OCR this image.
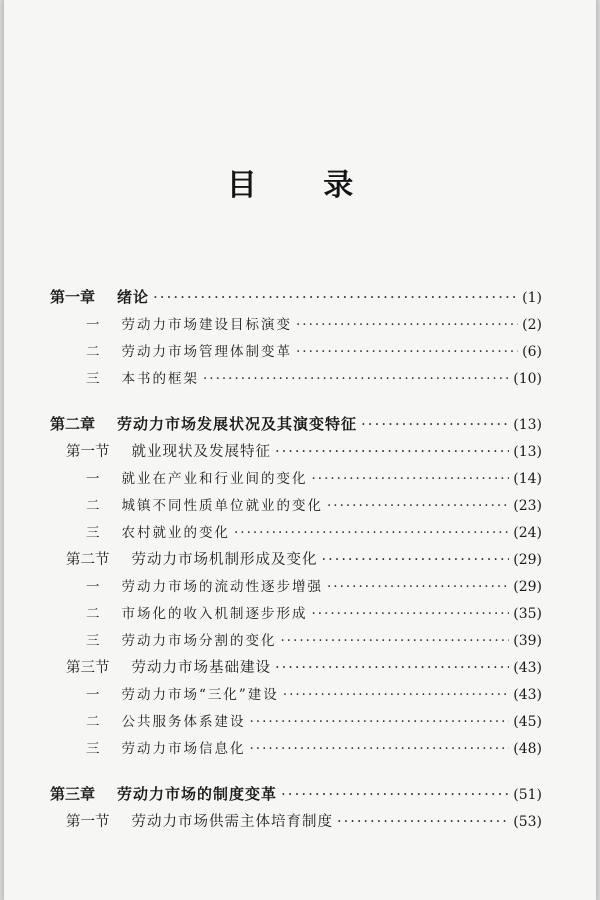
目 录
第一章 绪论 ·····	(1)
一 劳动力市场建设目标演变 ·····	(2)
二 劳动力市场管理体制变革 ·····	(6)
三 本书的框架 ·····	(10)
第二章 劳动力市场发展状况及其演变特征 ·····	(13)
第一节 就业现状及发展特征 ·····	(13)
一 就业在产业和行业间的变化 ·····	(14)
二 城镇不同性质单位就业的变化 ·····	(23)
三 农村就业的变化 ·····	(24)
第二节 劳动力市场机制形成及变化 ·····	(29)
一 劳动力市场的流动性逐步增强 ·····	(29)
二 市场化的收入机制逐步形成 ·····	(35)
三 劳动力市场分割的变化 ·····	(39)
第三节 劳动力市场基础建设 ·····	(43)
一 劳动力市场“三化”建设 ·····	(43)
二 公共服务体系建设 ·····	(45)
三 劳动力市场信息化 ·····	(48)
第三章 劳动力市场的制度变革 ·····	(51)
第一节 劳动力市场供需主体培育制度 ·····	(53)
